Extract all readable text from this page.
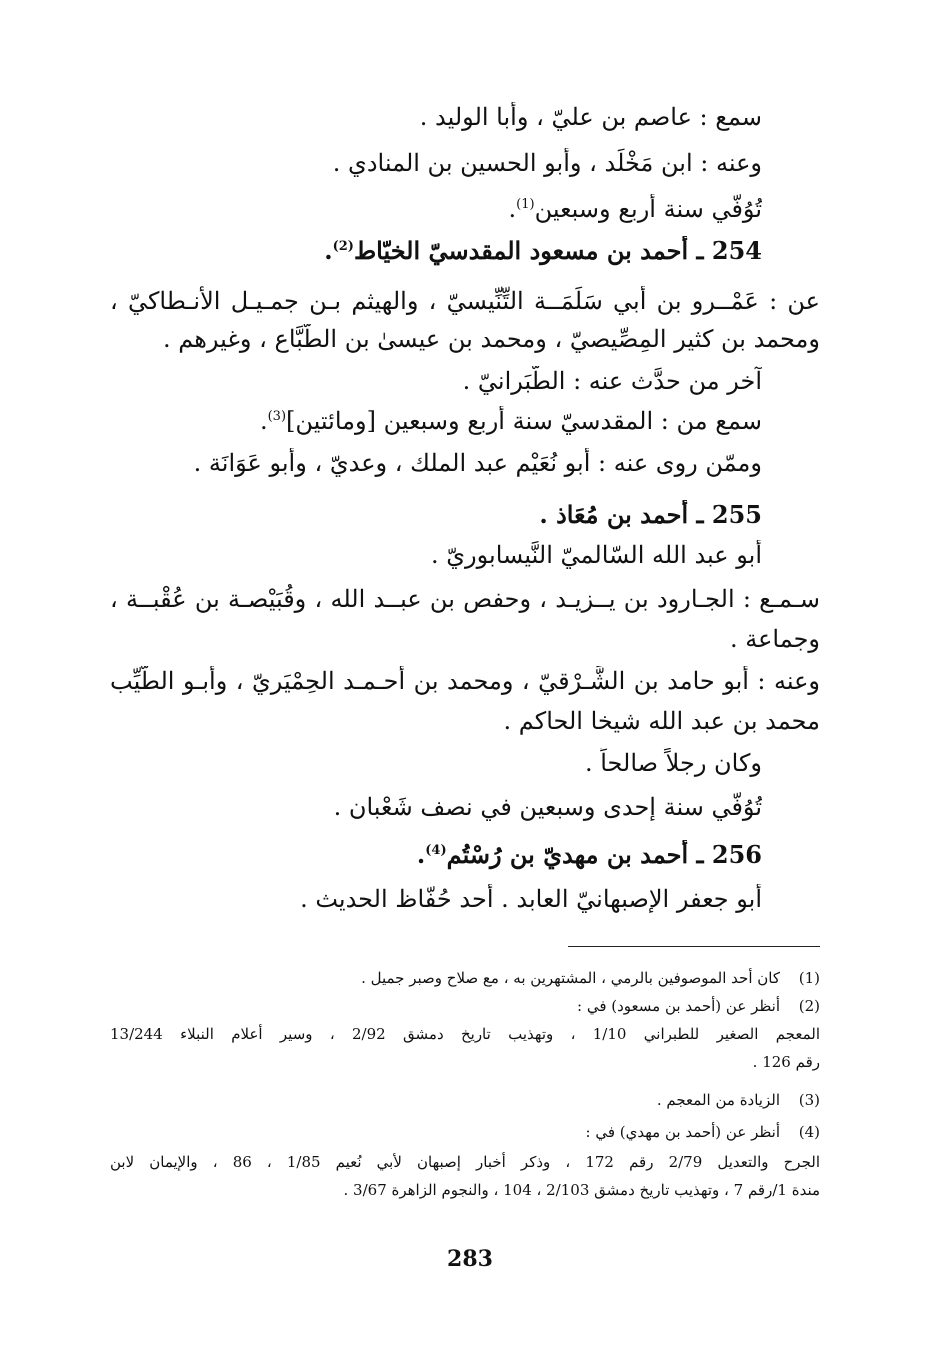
سمع : عاصم بن عليّ ، وأبا الوليد .
وعنه : ابن مَخْلَد ، وأبو الحسين بن المنادي .
تُوُفّي سنة أربعٍ وسبعين$^{(1)}$.
254 ـ أحمد بن مسعود المقدسيّ الخيّاط$^{(2)}$.
عن : عَمْــرو بن أبي سَلَمَــة التِّنِّيسيّ ، والهيثم بـن جمـيـل الأنـطاكيّ ،
ومحمد بن كثير المِصِّيصيّ ، ومحمد بن عيسىٰ بن الطَّبَّاع ، وغيرهم .
آخر من حدَّث عنه : الطَّبَرانيّ .
سمع من : المقدسيّ سنة أربعٍ وسبعين [ومائتين]$^{(3)}$.
وممّن روى عنه : أبو نُعَيْم عبد الملك ، وعديّ ، وأبو عَوَانَة .
255 ـ أحمد بن مُعَاذ .
أبو عبد الله السّالميّ النَّيسابوريّ .
سـمـع : الجـارود بن يــزيـد ، وحفص بن عبــد الله ، وقُبَيْصـة بن عُقْبــة ،
وجماعة .
وعنه : أبو حامد بن الشَّـرْقيّ ، ومحمد بن أحـمـد الحِمْيَريّ ، وأبـو الطَّيِّب
محمد بن عبد الله شيخا الحاكم .
وكان رجلاً صالحاً .
تُوُفّي سنة إحدى وسبعين في نصف شَعْبان .
256 ـ أحمد بن مهديّ بن رُسْتُم$^{(4)}$.
أبو جعفر الإصبهانيّ العابد . أحد حُفّاظ الحديث .
(1)كان أحد الموصوفين بالرمي ، المشتهرين به ، مع صلاح وصبر جميل .
(2)أنظر عن (أحمد بن مسعود) في :
المعجم الصغير للطبراني 1/10 ، وتهذيب تاريخ دمشق 2/92 ، وسير أعلام النبلاء 13/244
رقم 126 .
(3)الزيادة من المعجم .
(4)أنظر عن (أحمد بن مهدي) في :
الجرح والتعديل 2/79 رقم 172 ، وذكر أخبار إصبهان لأبي نُعيم 1/85 ، 86 ، والإيمان لابن
مندة 1/رقم 7 ، وتهذيب تاريخ دمشق 2/103 ، 104 ، والنجوم الزاهرة 3/67 .
283
